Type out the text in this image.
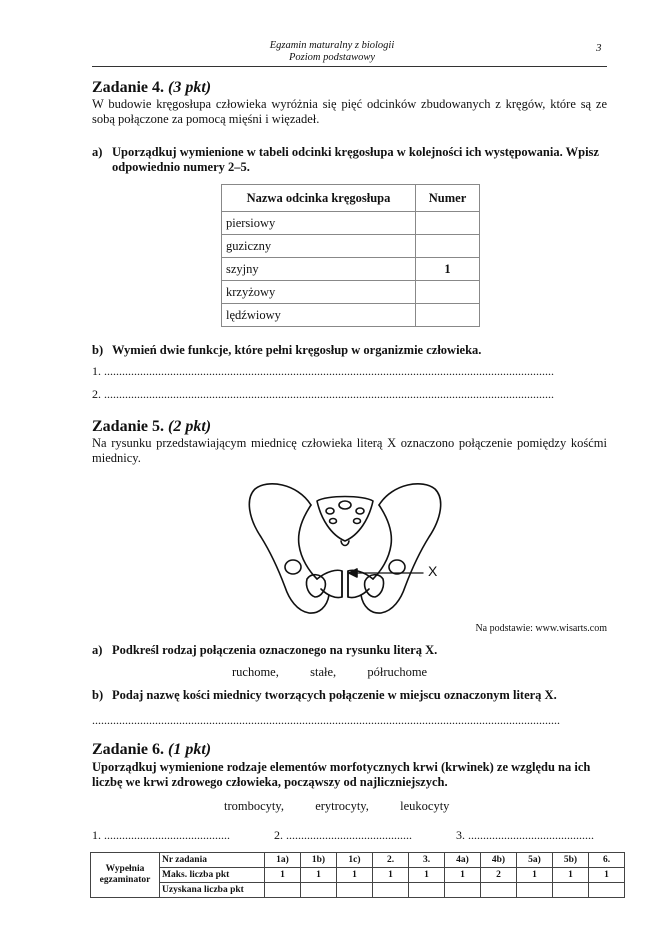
Egzamin maturalny z biologii
Poziom podstawowy
3
Zadanie 4. (3 pkt)
W budowie kręgosłupa człowieka wyróżnia się pięć odcinków zbudowanych z kręgów, które są ze sobą połączone za pomocą mięśni i więzadeł.
a) Uporządkuj wymienione w tabeli odcinki kręgosłupa w kolejności ich występowania. Wpisz odpowiednio numery 2–5.
Nazwa odcinka kręgosłupa	Numer
piersiowy	
guziczny	
szyjny	1
krzyżowy	
lędźwiowy	
b) Wymień dwie funkcje, które pełni kręgosłup w organizmie człowieka.
1. ......................................................................................................................................................
2. ......................................................................................................................................................
Zadanie 5. (2 pkt)
Na rysunku przedstawiającym miednicę człowieka literą X oznaczono połączenie pomiędzy kośćmi miednicy.
X
Na podstawie: www.wisarts.com
a) Podkreśl rodzaj połączenia oznaczonego na rysunku literą X.
ruchome,          stałe,          półruchome
b) Podaj nazwę kości miednicy tworzących połączenie w miejscu oznaczonym literą X.
............................................................................................................................................................
Zadanie 6. (1 pkt)
Uporządkuj wymienione rodzaje elementów morfotycznych krwi (krwinek) ze względu na ich liczbę we krwi zdrowego człowieka, począwszy od najliczniejszych.
trombocyty,          erytrocyty,          leukocyty
1. ..........................................	2. ..........................................	3. ..........................................
Wypełnia egzaminator	Nr zadania	1a)	1b)	1c)	2.	3.	4a)	4b)	5a)	5b)	6.
	Maks. liczba pkt	1	1	1	1	1	1	2	1	1	1
	Uzyskana liczba pkt										
